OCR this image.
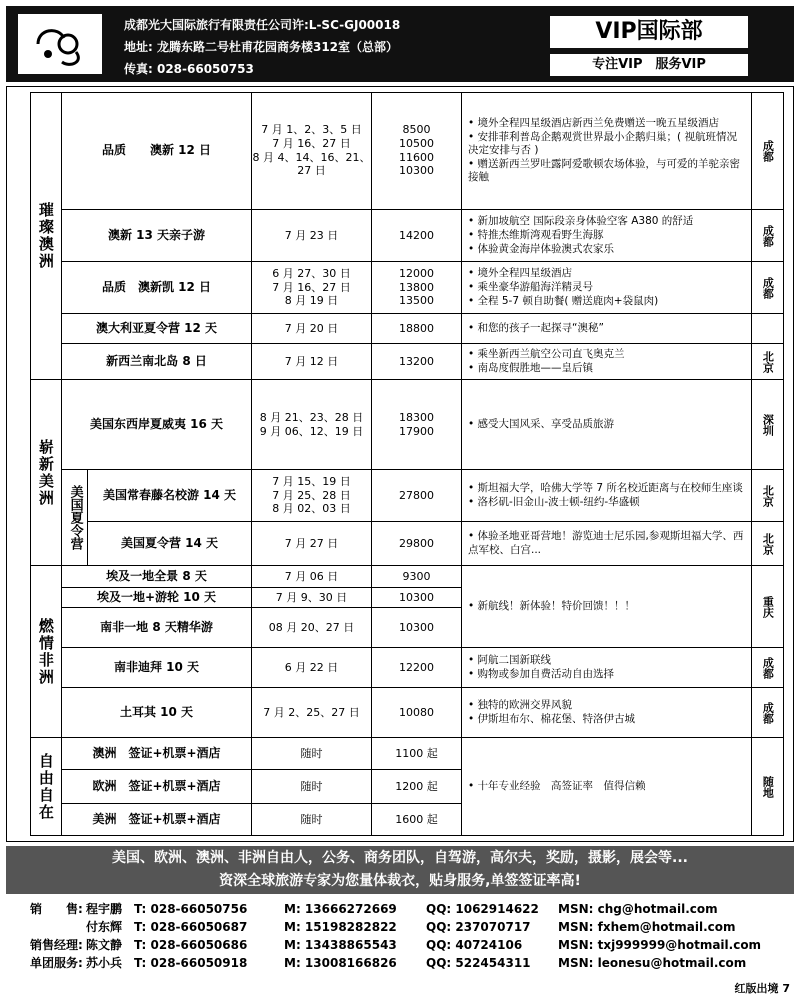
成都光大国际旅行有限责任公司许:L-SC-GJ00018
地址: 龙腾东路二号杜甫花园商务楼312室（总部）
传真: 028-66050753
VIP国际部
专注VIP　服务VIP
璀璨澳洲
崭新美洲
美国夏令营
燃情非洲
自由自在
品质　　澳新 12 日
7 月 1、2、3、5 日
7 月 16、27 日
8 月 4、14、16、21、
27 日
8500
10500
11600
10300
• 境外全程四星级酒店新西兰免费赠送一晚五星级酒店
• 安排菲利普岛企鹅观赏世界最小企鹅归巢；( 视航班情况决定安排与否 )
• 赠送新西兰罗吐露阿爱歌顿农场体验，与可爱的羊驼亲密接触
成都
澳新 13 天亲子游	7 月 23 日	14200
• 新加坡航空 国际段亲身体验空客 A380 的舒适
• 特推杰维斯湾观看野生海豚
• 体验黄金海岸体验澳式农家乐
成都
品质　澳新凯 12 日
6 月 27、30 日
7 月 16、27 日
8 月 19 日
12000
13800
13500
• 境外全程四星级酒店
• 乘坐豪华游船海洋精灵号
• 全程 5-7 顿自助餐( 赠送鹿肉+袋鼠肉)
成都
澳大利亚夏令营 12 天	7 月 20 日	18800
•	和您的孩子一起探寻“澳秘”
新西兰南北岛 8 日	7 月 12 日	13200
• 乘坐新西兰航空公司直飞奥克兰
• 南岛度假胜地——皇后镇	北京
美国东西岸夏威夷 16 天	8 月 21、23、28 日
9 月 06、12、19 日
18300
17900
• 感受大国风采、享受品质旅游	深圳
美国常春藤名校游 14 天
7 月 15、19 日
7 月 25、28 日
8 月 02、03 日
27800
• 斯坦福大学，哈佛大学等 7 所名校近距离与在校师生座谈
• 洛杉矶-旧金山-波士顿-纽约-华盛顿	北京
美国夏令营 14 天	7 月 27 日	29800
• 体验圣地亚哥营地！游览迪士尼乐园,参观斯坦福大学、西点军校、白宫...	北京
埃及一地全景 8 天	7 月 06 日	9300
埃及一地+游轮 10 天	7 月 9、30 日	10300
南非一地 8 天精华游	08 月 20、27 日	10300
南非迪拜 10 天	6 月 22 日	12200
• 阿航二国新联线
• 购物或参加自费活动自由选择	成都
土耳其 10 天	7 月 2、25、27 日	10080
• 独特的欧洲交界风貌
• 伊斯坦布尔、棉花堡、特洛伊古城	成都
澳洲　签证+机票+酒店	随时	1100 起
欧洲　签证+机票+酒店	随时	1200 起
美洲　签证+机票+酒店	随时	1600 起
• 新航线！新体验！特价回馈！！！	重庆
• 十年专业经验　高签证率　值得信赖	随地
美国、欧洲、澳洲、非洲自由人，公务、商务团队，自驾游，高尔夫，奖励，摄影，展会等...
资深全球旅游专家为您量体裁衣，贴身服务,单签签证率高!
销　　售: 程宇鹏 T: 028-66050756	M: 13666272669 QQ: 1062914622 MSN: chg@hotmail.com
付东辉 T: 028-66050687	M: 15198282822 QQ: 237070717 MSN: fxhem@hotmail.com
销售经理: 陈文静 T: 028-66050686	M: 13438865543 QQ: 40724106	MSN: txj999999@hotmail.com
单团服务: 苏小兵 T: 028-66050918	M: 13008166826 QQ: 522454311 MSN: leonesu@hotmail.com
红版出境 7
